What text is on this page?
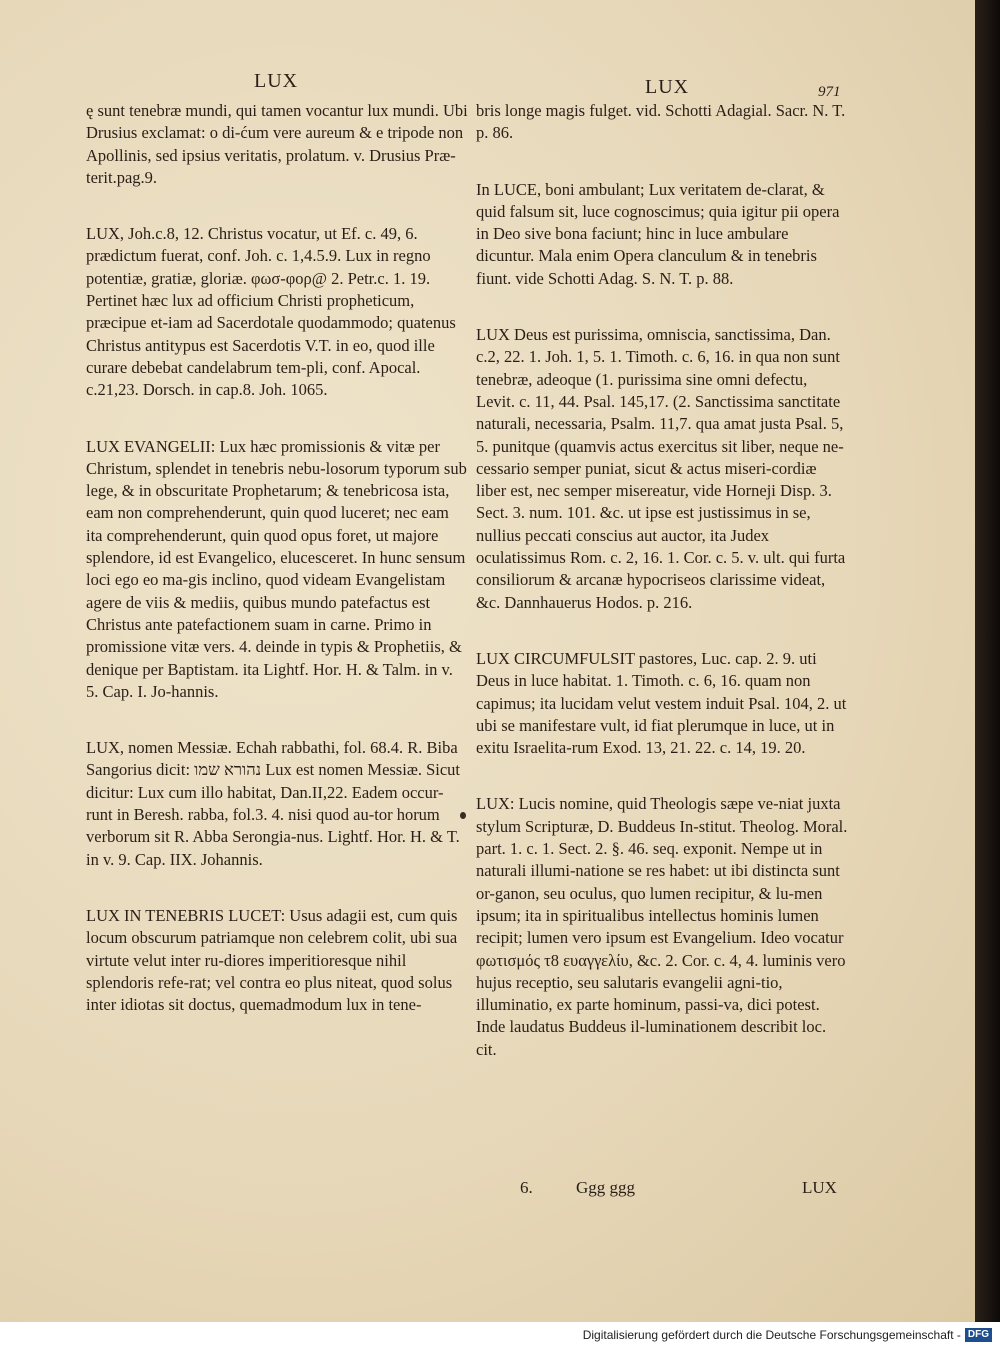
LUX	LUX	971

ę sunt tenebræ mundi, qui tamen vocantur lux mundi. Ubi Drusius exclamat: o di-ćum vere aureum & e tripode non Apollinis, sed ipsius veritatis, prolatum. v. Drusius Præ-terit.pag.9.

LUX, Joh.c.8, 12. Christus vocatur, ut Ef. c. 49, 6. prædictum fuerat, conf. Joh. c. 1,4.5.9. Lux in regno potentiæ, gratiæ, gloriæ. φωσ-φορ@ 2. Petr.c. 1. 19. Pertinet hæc lux ad officium Christi propheticum, præcipue et-iam ad Sacerdotale quodammodo; quatenus Christus antitypus est Sacerdotis V.T. in eo, quod ille curare debebat candelabrum tem-pli, conf. Apocal. c.21,23. Dorsch. in cap.8. Joh. 1065.

LUX EVANGELII: Lux hæc promissionis & vitæ per Christum, splendet in tenebris nebu-losorum typorum sub lege, & in obscuritate Prophetarum; & tenebricosa ista, eam non comprehenderunt, quin quod luceret; nec eam ita comprehenderunt, quin quod opus foret, ut majore splendore, id est Evangelico, elucesceret. In hunc sensum loci ego eo ma-gis inclino, quod videam Evangelistam agere de viis & mediis, quibus mundo patefactus est Christus ante patefactionem suam in carne. Primo in promissione vitæ vers. 4. deinde in typis & Prophetiis, & denique per Baptistam. ita Lightf. Hor. H. & Talm. in v. 5. Cap. I. Jo-hannis.

LUX, nomen Messiæ. Echah rabbathi, fol. 68.4. R. Biba Sangorius dicit: נהורא שמו Lux est nomen Messiæ. Sicut dicitur: Lux cum illo habitat, Dan.II,22. Eadem occur-runt in Beresh. rabba, fol.3. 4. nisi quod au-tor horum verborum sit R. Abba Serongia-nus. Lightf. Hor. H. & T. in v. 9. Cap. IIX. Johannis.

LUX IN TENEBRIS LUCET: Usus adagii est, cum quis locum obscurum patriamque non celebrem colit, ubi sua virtute velut inter ru-diores imperitioresque nihil splendoris refe-rat; vel contra eo plus niteat, quod solus inter idiotas sit doctus, quemadmodum lux in tene-

bris longe magis fulget. vid. Schotti Adagial. Sacr. N. T. p. 86.

In LUCE, boni ambulant; Lux veritatem de-clarat, & quid falsum sit, luce cognoscimus; quia igitur pii opera in Deo sive bona faciunt; hinc in luce ambulare dicuntur. Mala enim Opera clanculum & in tenebris fiunt. vide Schotti Adag. S. N. T. p. 88.

LUX Deus est purissima, omniscia, sanctissima, Dan. c.2, 22. 1. Joh. 1, 5. 1. Timoth. c. 6, 16. in qua non sunt tenebræ, adeoque (1. purissima sine omni defectu, Levit. c. 11, 44. Psal. 145,17. (2. Sanctissima sanctitate naturali, necessaria, Psalm. 11,7. qua amat justa Psal. 5, 5. punitque (quamvis actus exercitus sit liber, neque ne-cessario semper puniat, sicut & actus miseri-cordiæ liber est, nec semper misereatur, vide Horneji Disp. 3. Sect. 3. num. 101. &c. ut ipse est justissimus in se, nullius peccati conscius aut auctor, ita Judex oculatissimus Rom. c. 2, 16. 1. Cor. c. 5. v. ult. qui furta consiliorum & arcanæ hypocriseos clarissime videat, &c. Dannhauerus Hodos. p. 216.

LUX CIRCUMFULSIT pastores, Luc. cap. 2. 9. uti Deus in luce habitat. 1. Timoth. c. 6, 16. quam non capimus; ita lucidam velut vestem induit Psal. 104, 2. ut ubi se manifestare vult, id fiat plerumque in luce, ut in exitu Israelita-rum Exod. 13, 21. 22. c. 14, 19. 20.

LUX: Lucis nomine, quid Theologis sæpe ve-niat juxta stylum Scripturæ, D. Buddeus In-stitut. Theolog. Moral. part. 1. c. 1. Sect. 2. §. 46. seq. exponit. Nempe ut in naturali illumi-natione se res habet: ut ibi distincta sunt or-ganon, seu oculus, quo lumen recipitur, & lu-men ipsum; ita in spiritualibus intellectus hominis lumen recipit; lumen vero ipsum est Evangelium. Ideo vocatur φωτισμός τ8 ευαγγελίυ, &c. 2. Cor. c. 4, 4. luminis vero hujus receptio, seu salutaris evangelii agni-tio, illuminatio, ex parte hominum, passi-va, dici potest. Inde laudatus Buddeus il-luminationem describit loc. cit.

6.	Ggg ggg	LUX
Digitalisierung gefördert durch die Deutsche Forschungsgemeinschaft - DFG
